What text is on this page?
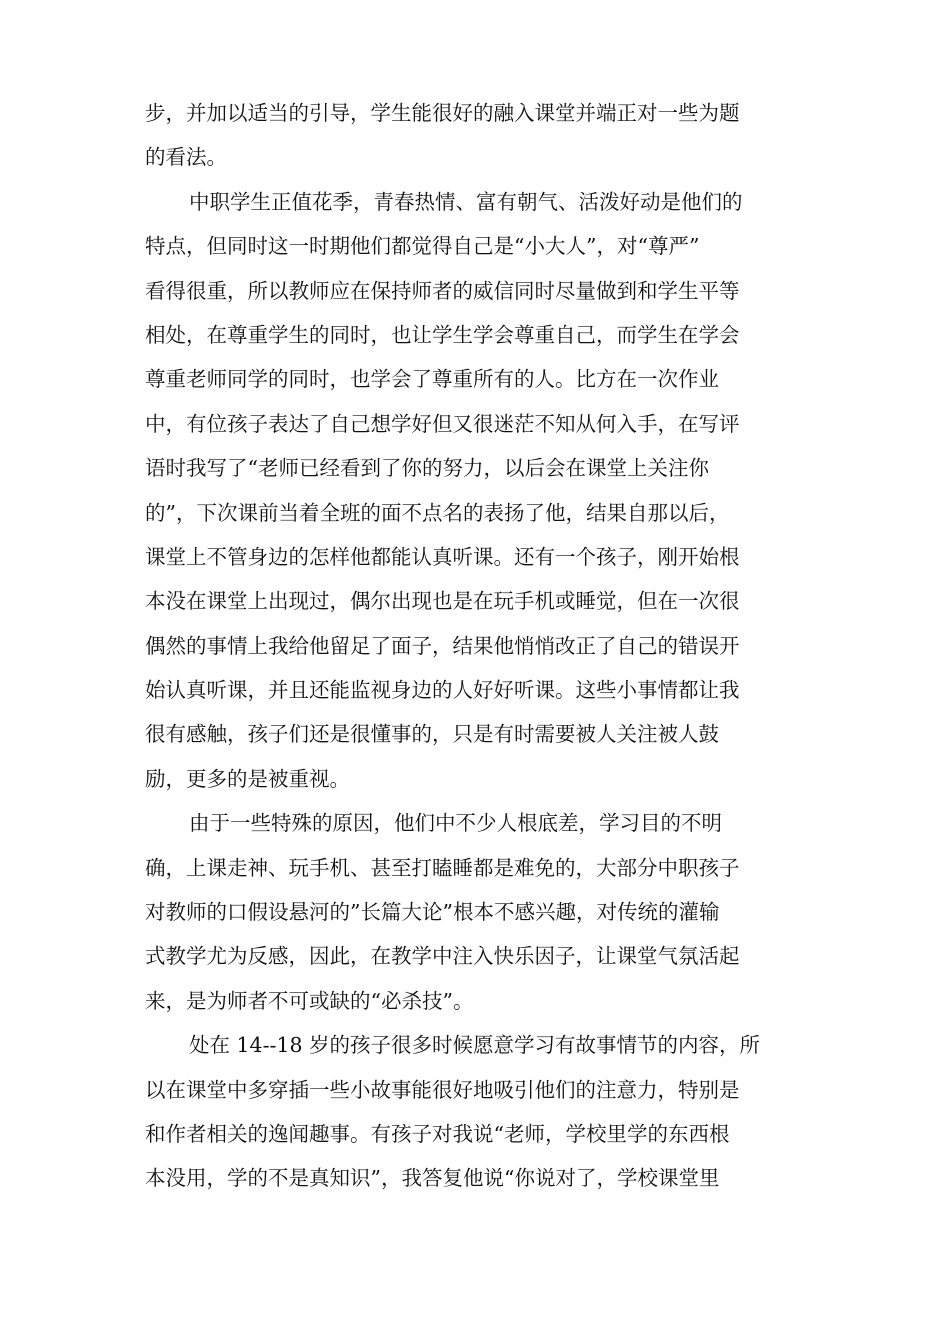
步，并加以适当的引导，学生能很好的融入课堂并端正对一些为题
的看法。
中职学生正值花季，青春热情、富有朝气、活泼好动是他们的
特点，但同时这一时期他们都觉得自己是“小大人”，对“尊严”
看得很重，所以教师应在保持师者的威信同时尽量做到和学生平等
相处，在尊重学生的同时，也让学生学会尊重自己，而学生在学会
尊重老师同学的同时，也学会了尊重所有的人。比方在一次作业
中，有位孩子表达了自己想学好但又很迷茫不知从何入手，在写评
语时我写了“老师已经看到了你的努力，以后会在课堂上关注你
的”，下次课前当着全班的面不点名的表扬了他，结果自那以后，
课堂上不管身边的怎样他都能认真听课。还有一个孩子，刚开始根
本没在课堂上出现过，偶尔出现也是在玩手机或睡觉，但在一次很
偶然的事情上我给他留足了面子，结果他悄悄改正了自己的错误开
始认真听课，并且还能监视身边的人好好听课。这些小事情都让我
很有感触，孩子们还是很懂事的，只是有时需要被人关注被人鼓
励，更多的是被重视。
由于一些特殊的原因，他们中不少人根底差，学习目的不明
确，上课走神、玩手机、甚至打瞌睡都是难免的，大部分中职孩子
对教师的口假设悬河的”长篇大论”根本不感兴趣，对传统的灌输
式教学尤为反感，因此，在教学中注入快乐因子，让课堂气氛活起
来，是为师者不可或缺的“必杀技”。
处在 14--18 岁的孩子很多时候愿意学习有故事情节的内容，所
以在课堂中多穿插一些小故事能很好地吸引他们的注意力，特别是
和作者相关的逸闻趣事。有孩子对我说“老师，学校里学的东西根
本没用，学的不是真知识”，我答复他说“你说对了，学校课堂里
